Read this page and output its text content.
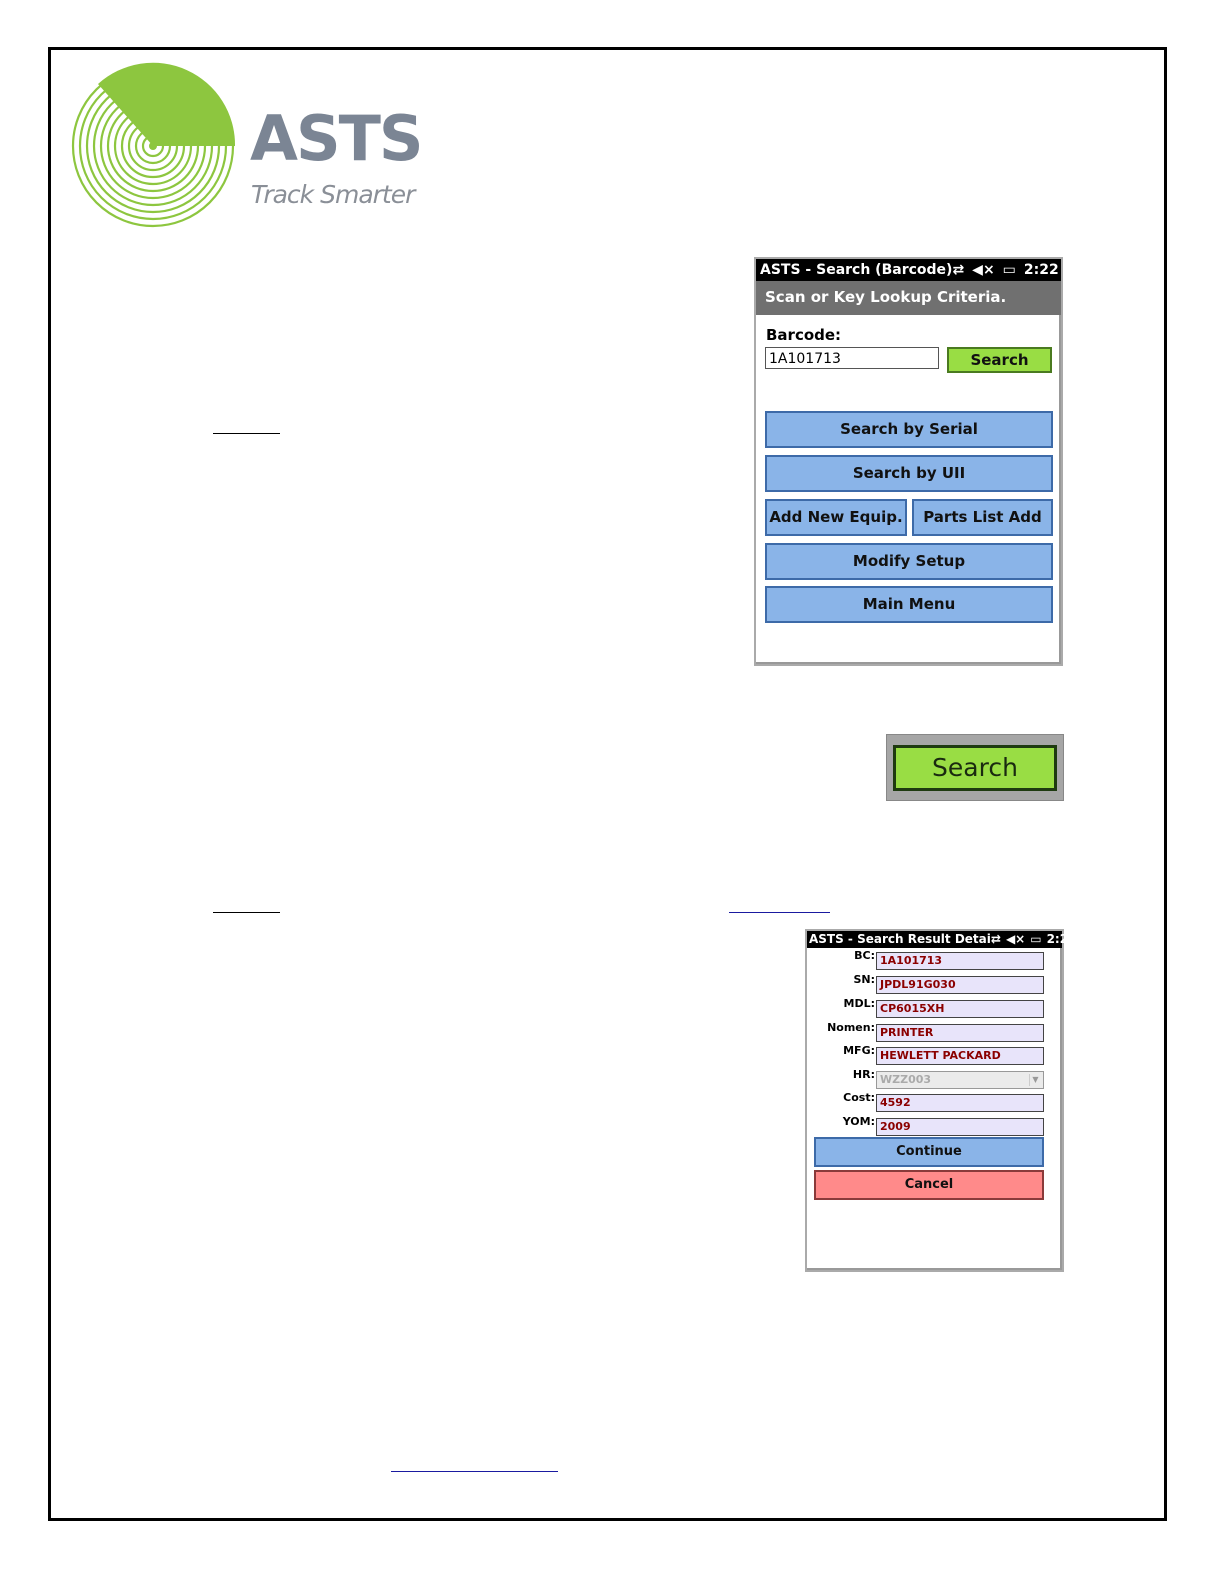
ASTS
Track Smarter
ASTS - Search (Barcode) ⇄ ◀× ▭ 2:22
Scan or Key Lookup Criteria.
Barcode:
1A101713	Search
Search by Serial
Search by UII
Add New Equip.	Parts List Add
Modify Setup
Main Menu
Search
ASTS - Search Result Detai ⇄ ◀× ▭ 2:24
BC: 1A101713
SN: JPDL91G030
MDL: CP6015XH
Nomen: PRINTER
MFG: HEWLETT PACKARD
HR: WZZ003	▼
Cost: 4592
YOM: 2009
Continue
Cancel
